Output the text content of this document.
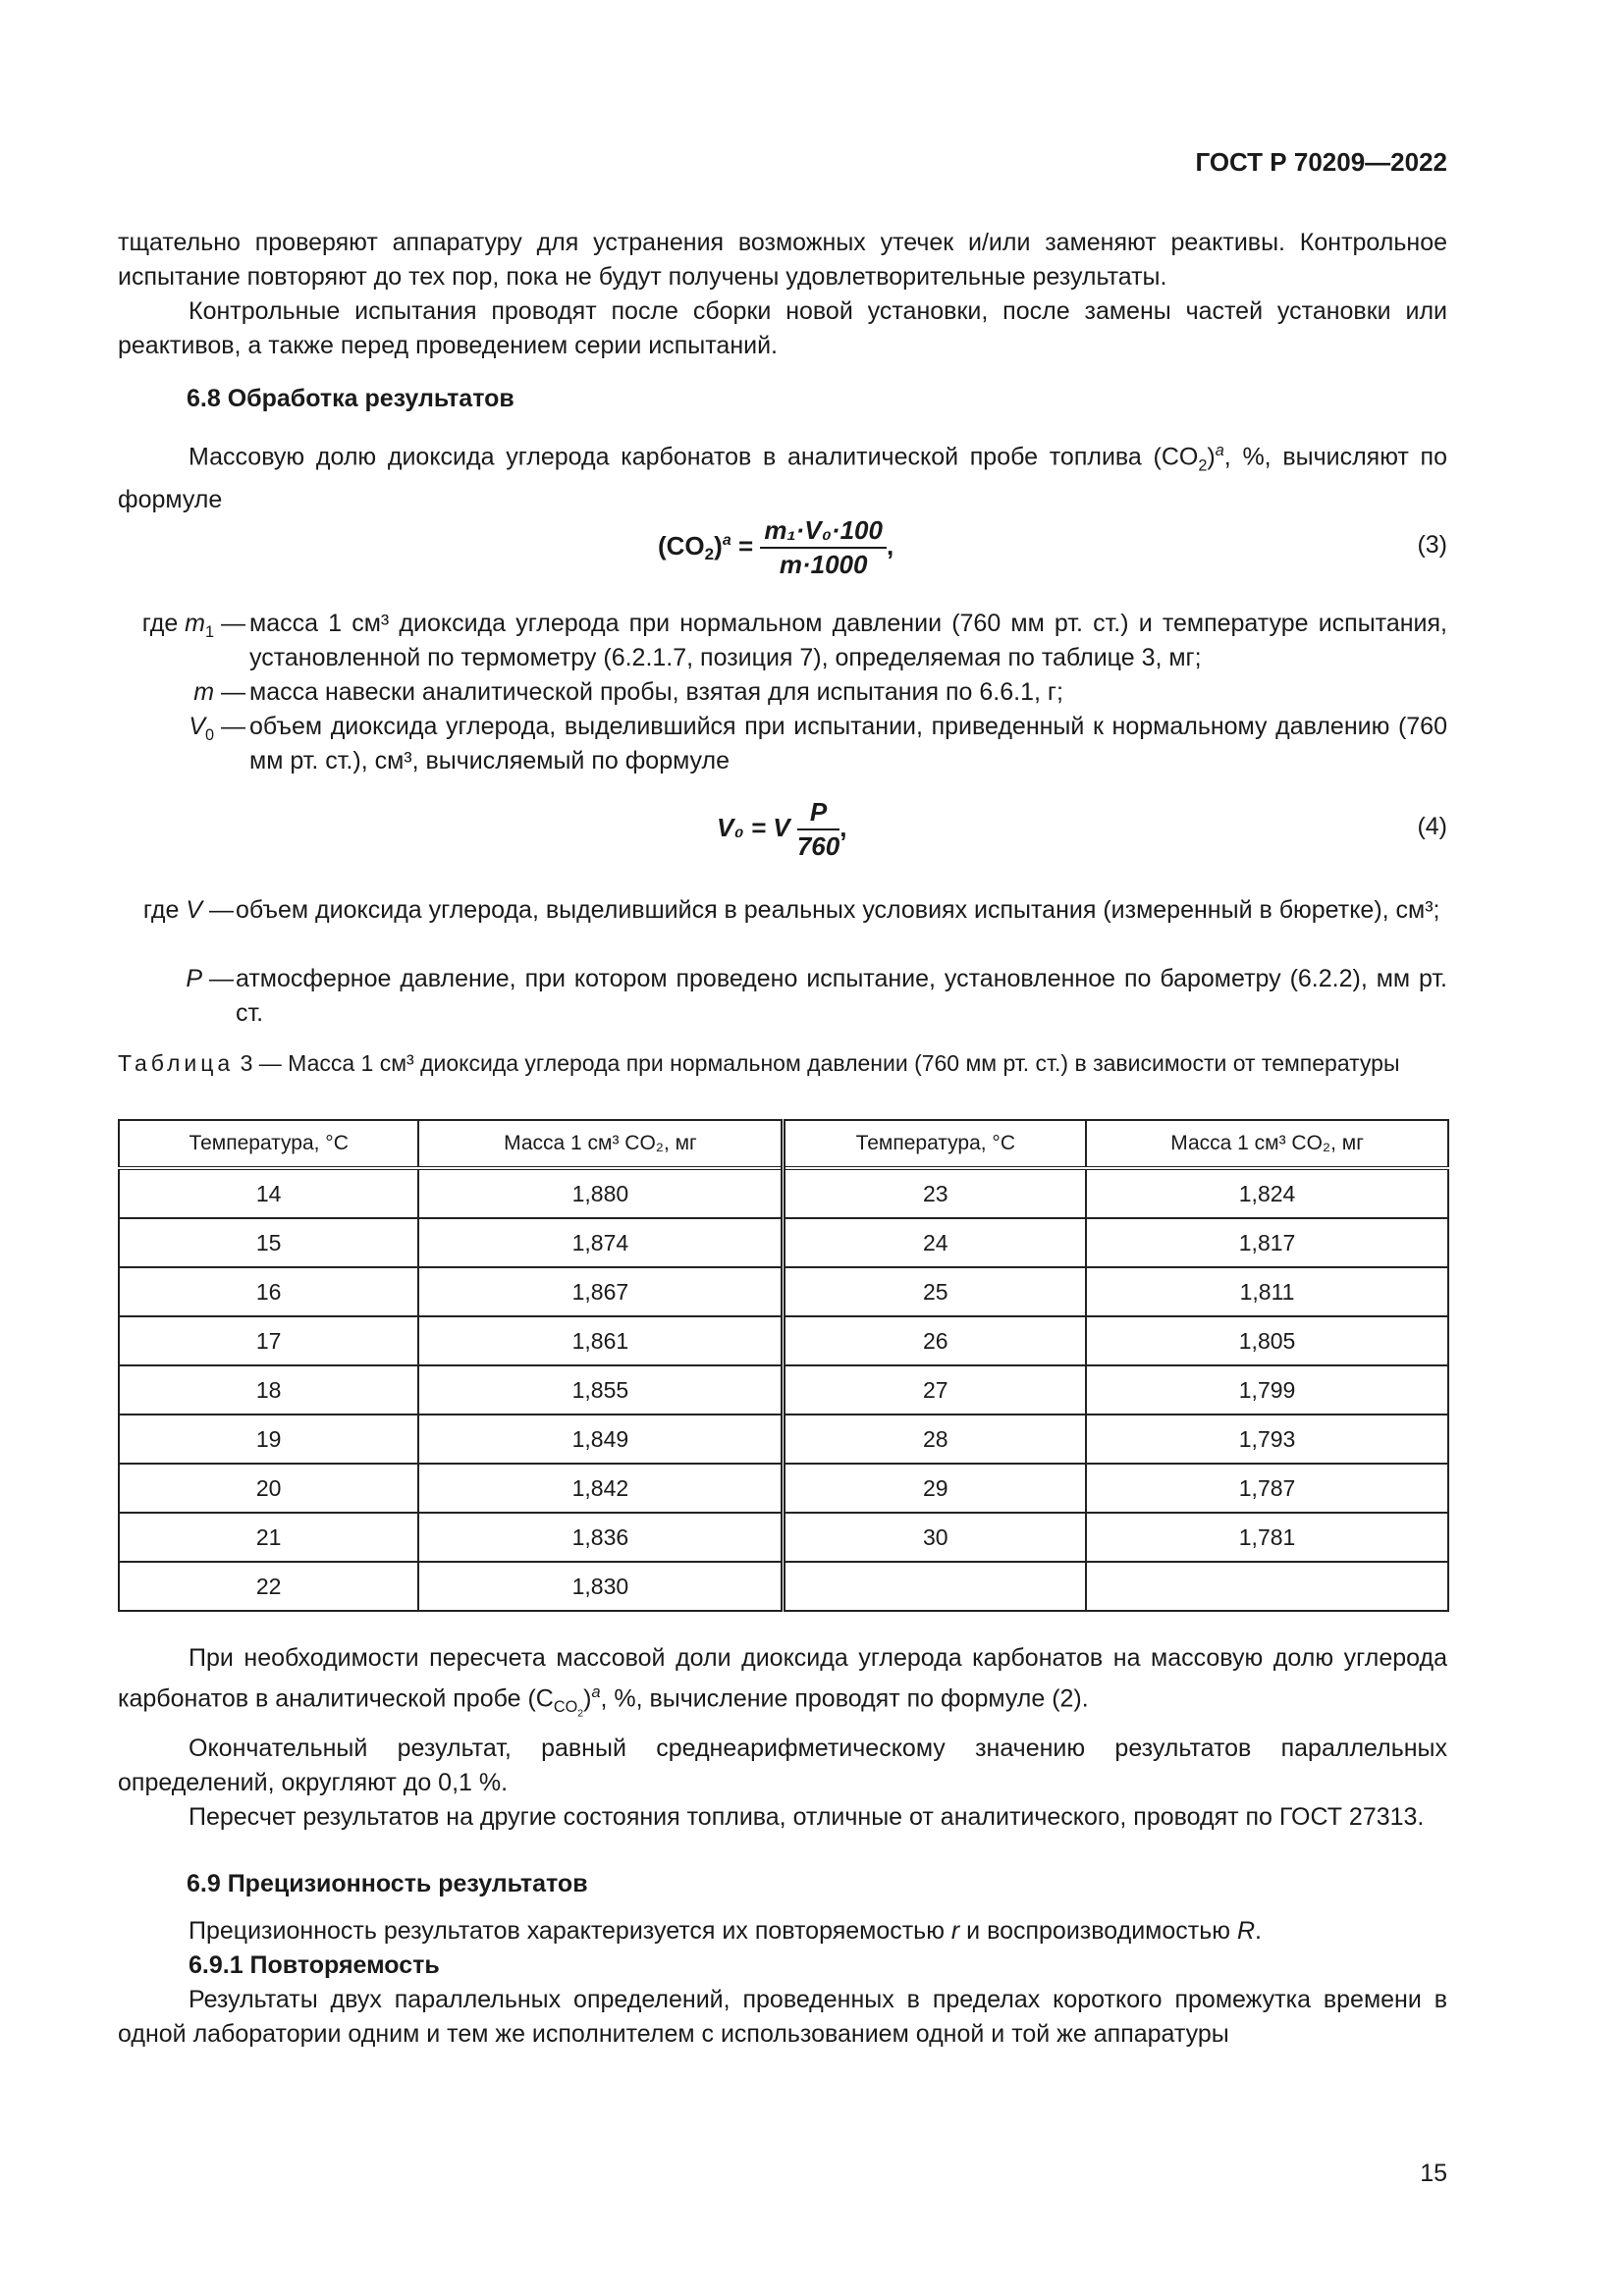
ГОСТ Р 70209—2022

тщательно проверяют аппаратуру для устранения возможных утечек и/или заменяют реактивы. Контрольное испытание повторяют до тех пор, пока не будут получены удовлетворительные результаты.

Контрольные испытания проводят после сборки новой установки, после замены частей установки или реактивов, а также перед проведением серии испытаний.

6.8 Обработка результатов

Массовую долю диоксида углерода карбонатов в аналитической пробе топлива $(CO_2)^a$, %, вычисляют по формуле

$(CO2)^a = \frac{\text{m₁·V₀·100}}{m\cdot 1000}$ ,	(3)
где $m_1$ — масса 1 см³ диоксида углерода при нормальном давлении (760 мм рт. ст.) и температуре испытания, установленной по термометру (6.2.1.7, позиция 7), определяемая по таблице 3, мг;
m — масса навески аналитической пробы, взятая для испытания по 6.6.1, г;
$V_0$ — объем диоксида углерода, выделившийся при испытании, приведенный к нормальному давлению (760 мм рт. ст.), см³, вычисляемый по формуле
V₀ = V $\frac{P}{760}$ ,	(4)
где V — объем диоксида углерода, выделившийся в реальных условиях испытания (измеренный в бюретке), см³;
P — атмосферное давление, при котором проведено испытание, установленное по барометру (6.2.2), мм рт. ст.
Таблица 3 — Масса 1 см³ диоксида углерода при нормальном давлении (760 мм рт. ст.) в зависимости от температуры
Температура, °С	Масса 1 см³ CO₂, мг	Температура, °С	Масса 1 см³ CO₂, мг
14	1,880	23	1,824
15	1,874	24	1,817
16	1,867	25	1,811
17	1,861	26	1,805
18	1,855	27	1,799
19	1,849	28	1,793
20	1,842	29	1,787
21	1,836	30	1,781
22	1,830		

При необходимости пересчета массовой доли диоксида углерода карбонатов на массовую долю углерода карбонатов в аналитической пробе $(C_{CO_2})^a$, %, вычисление проводят по формуле (2).

Окончательный результат, равный среднеарифметическому значению результатов параллельных определений, округляют до 0,1 %.

Пересчет результатов на другие состояния топлива, отличные от аналитического, проводят по ГОСТ 27313.

6.9 Прецизионность результатов

Прецизионность результатов характеризуется их повторяемостью r и воспроизводимостью R.

6.9.1 Повторяемость

Результаты двух параллельных определений, проведенных в пределах короткого промежутка времени в одной лаборатории одним и тем же исполнителем с использованием одной и той же аппаратуры

15
